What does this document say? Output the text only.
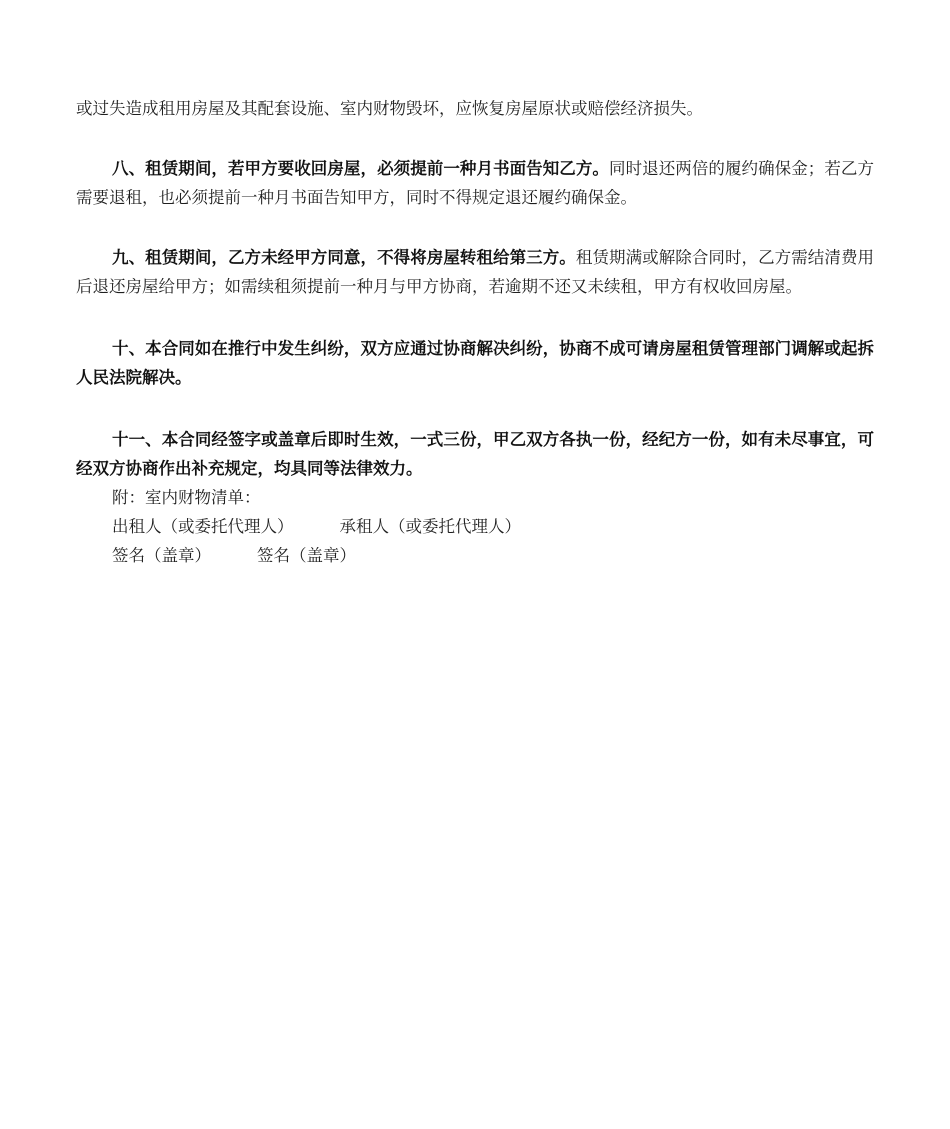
或过失造成租用房屋及其配套设施、室内财物毁坏，应恢复房屋原状或赔偿经济损失。

八、租赁期间，若甲方要收回房屋，必须提前一种月书面告知乙方。同时退还两倍的履约确保金；若乙方需要退租，也必须提前一种月书面告知甲方，同时不得规定退还履约确保金。

九、租赁期间，乙方未经甲方同意，不得将房屋转租给第三方。租赁期满或解除合同时，乙方需结清费用后退还房屋给甲方；如需续租须提前一种月与甲方协商，若逾期不还又未续租，甲方有权收回房屋。

十、本合同如在推行中发生纠纷，双方应通过协商解决纠纷，协商不成可请房屋租赁管理部门调解或起拆人民法院解决。

十一、本合同经签字或盖章后即时生效，一式三份，甲乙双方各执一份，经纪方一份，如有未尽事宜，可经双方协商作出补充规定，均具同等法律效力。

附：室内财物清单：

出租人（或委托代理人）	承租人（或委托代理人）

签名（盖章）	签名（盖章）
